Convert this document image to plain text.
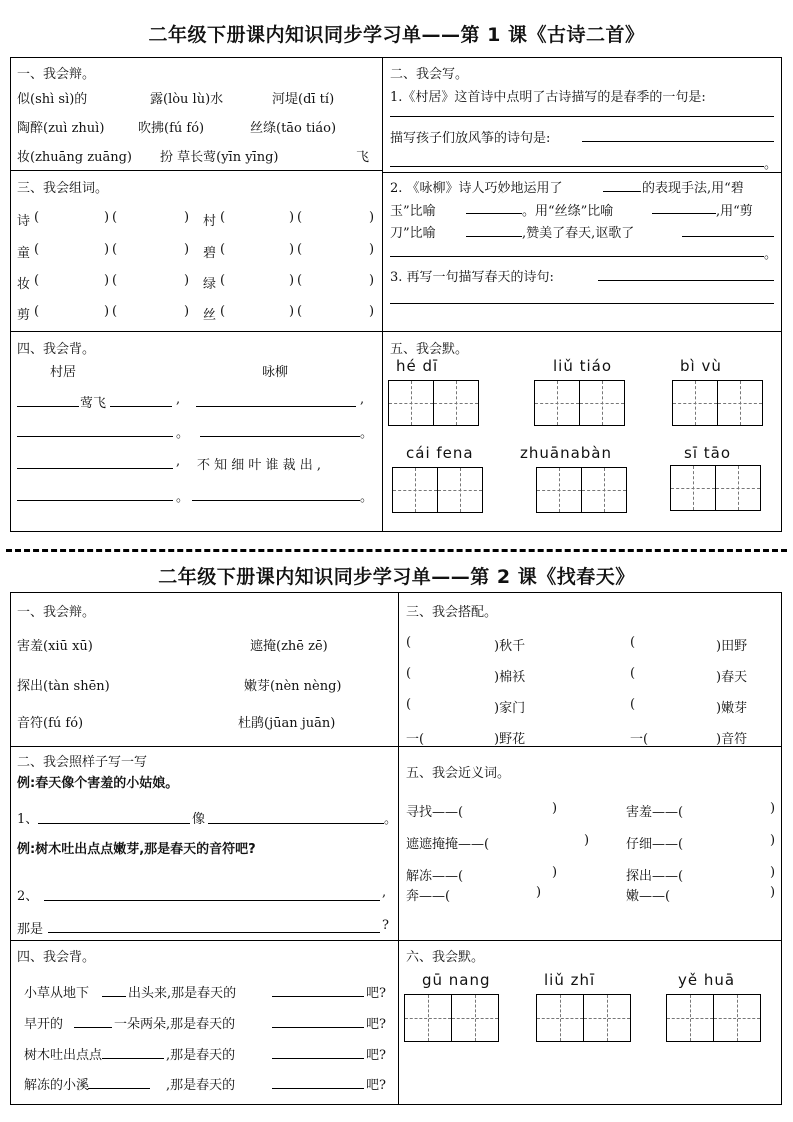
二年级下册课内知识同步学习单——第 1 课《古诗二首》
一、我会辩。
似(shì sì)的	露(lòu lù)水	河堤(dī tí)
陶醉(zuì zhuì)	吹拂(fú fó)	丝绦(tāo tiáo)
妆(zhuāng zuāng) 扮 草长莺(yīn yīng)	飞
三、我会组词。
诗 (	) (	) 村 (	) (	)
童 (	) (	) 碧 (	) (	)
妆 (	) (	) 绿 (	) (	)
剪 (	) (	) 丝 (	) (	)
二、我会写。
1.《村居》这首诗中点明了古诗描写的是春季的一句是:
描写孩子们放风筝的诗句是:
。
2. 《咏柳》诗人巧妙地运用了	的表现手法,用“碧
玉”比喻	。用“丝绦”比喻	,用“剪
刀”比喻	,赞美了春天,讴歌了
。
3. 再写一句描写春天的诗句:
四、我会背。
村居	咏柳
莺飞	,	,
。	。
, 不 知 细 叶 谁 裁 出 ,
。	。
五、我会默。
hé dī	liǔ tiáo	bì vù
cái fena	zhuānabàn	sī tāo
二年级下册课内知识同步学习单——第 2 课《找春天》
一、我会辩。
害羞(xiū xū)	遮掩(zhē zē)
探出(tàn shēn)	嫩芽(nèn nèng)
音符(fú fó)	杜鹃(jūan juān)
三、我会搭配。
(	)秋千	(	)田野
(	)棉袄	(	)春天
(	)家门	(	)嫩芽
一(	)野花	一(	)音符
二、我会照样子写一写
例:春天像个害羞的小姑娘。
1、	像	。
例:树木吐出点点嫩芽,那是春天的音符吧?
2、	,
那是	?
五、我会近义词。
寻找——(	)	害羞——(	)
遮遮掩掩——(	)	仔细——(	)
解冻——(	)	探出——(	)
奔——(	)	嫩——(	)
四、我会背。
小草从地下	出头来,那是春天的	吧?
早开的	一朵两朵,那是春天的	吧?
树木吐出点点	,那是春天的	吧?
解冻的小溪	,那是春天的	吧?
六、我会默。
gū nang	liǔ zhī	yě huā
